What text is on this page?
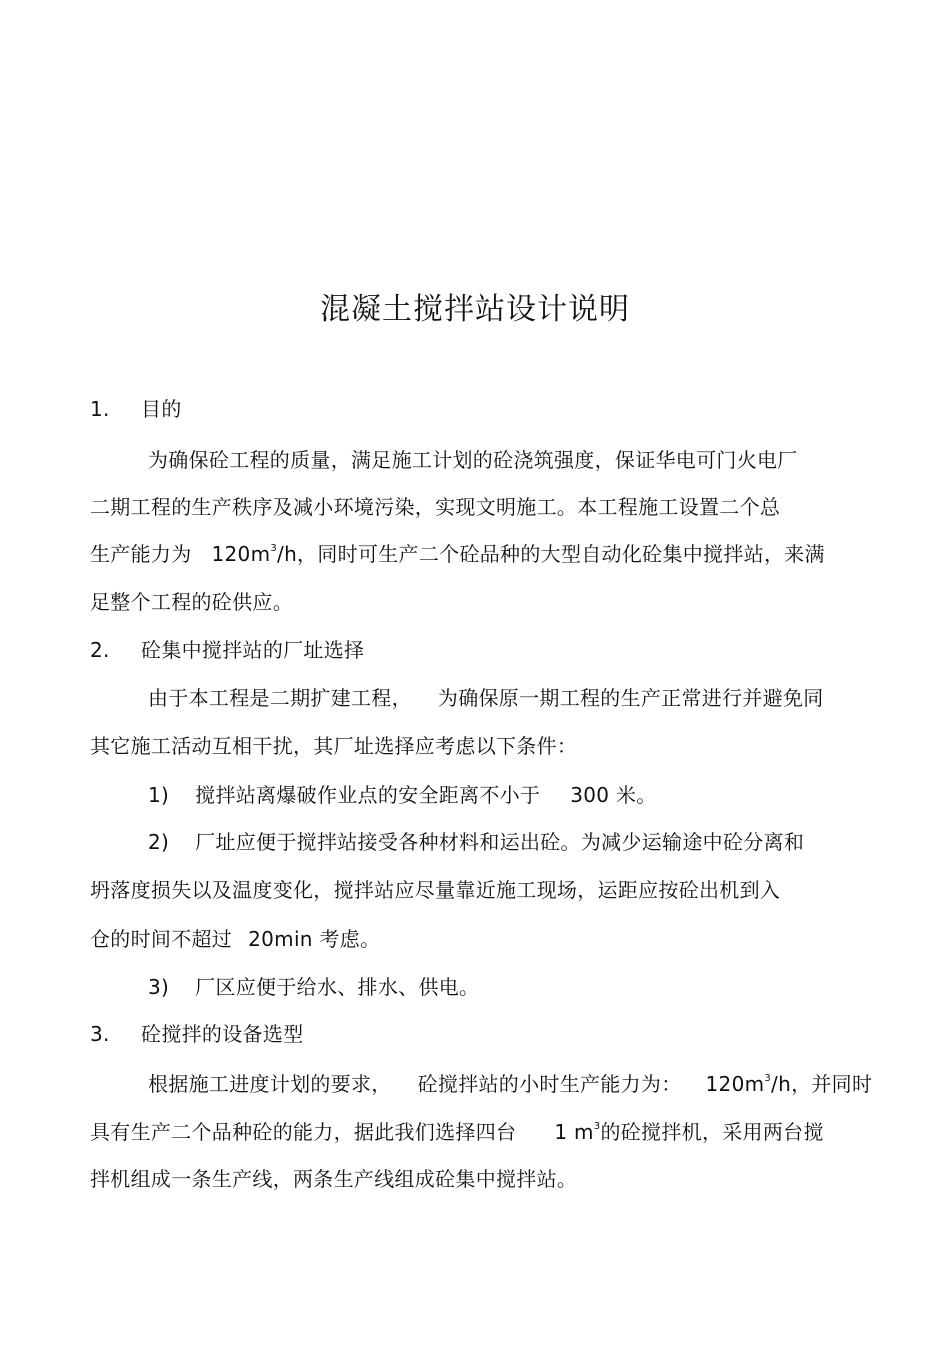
混凝土搅拌站设计说明
1. 目的
为确保砼工程的质量，满足施工计划的砼浇筑强度，保证华电可门火电厂
二期工程的生产秩序及减小环境污染，实现文明施工。本工程施工设置二个总
生产能力为 $120m^3/h$，同时可生产二个砼品种的大型自动化砼集中搅拌站，来满
足整个工程的砼供应。
2. 砼集中搅拌站的厂址选择
由于本工程是二期扩建工程， 为确保原一期工程的生产正常进行并避免同
其它施工活动互相干扰，其厂址选择应考虑以下条件：
1) 搅拌站离爆破作业点的安全距离不小于 300 米。
2) 厂址应便于搅拌站接受各种材料和运出砼。为减少运输途中砼分离和
坍落度损失以及温度变化，搅拌站应尽量靠近施工现场，运距应按砼出机到入
仓的时间不超过 20min 考虑。
3) 厂区应便于给水、排水、供电。
3. 砼搅拌的设备选型
根据施工进度计划的要求， 砼搅拌站的小时生产能力为： $120m^3/h$，并同时
具有生产二个品种砼的能力，据此我们选择四台 1 $m^3$的砼搅拌机，采用两台搅
拌机组成一条生产线，两条生产线组成砼集中搅拌站。
